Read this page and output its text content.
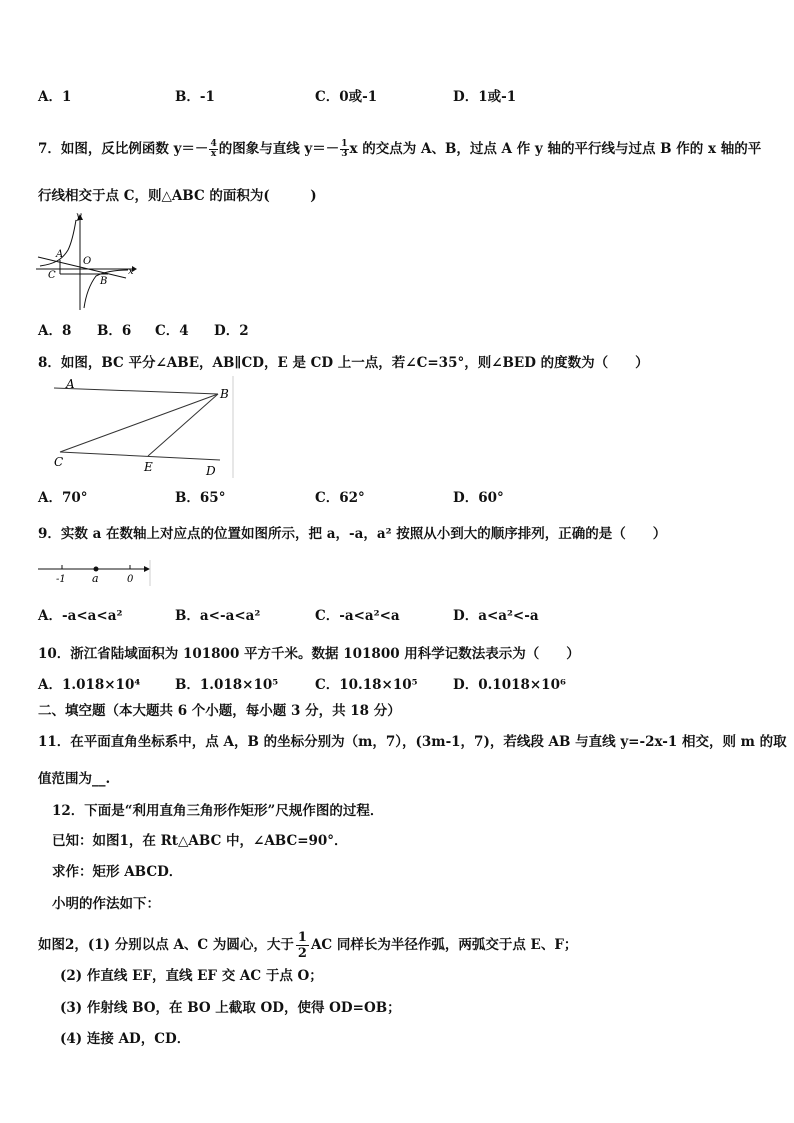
A．1	B．-1	C．0或-1	D．1或-1
7．如图，反比例函数 $y=- \frac{4}{x}$ 的图象与直线 $y=- \frac{1}{3}$ x 的交点为 A、B，过点 A 作 y 轴的平行线与过点 B 作的 x 轴的平
行线相交于点 C，则△ABC 的面积为(　　　)
y
x
A
O
C
B
A．8 B．6 C．4 D．2
8．如图，BC 平分∠ABE，AB∥CD，E 是 CD 上一点，若∠C=35°，则∠BED 的度数为（　　）
A
B
C	E	D
A．70°	B．65°	C．62°	D．60°
9．实数 a 在数轴上对应点的位置如图所示，把 a，-a，a² 按照从小到大的顺序排列，正确的是（　　）
-1 a	0
A．-a<a<a²	B．a<-a<a²	C．-a<a²<a	D．a<a²<-a
10．浙江省陆域面积为 101800 平方千米。数据 101800 用科学记数法表示为（　　）
A．1.018×10⁴	B．1.018×10⁵	C．10.18×10⁵	D．0.1018×10⁶
二、填空题（本大题共 6 个小题，每小题 3 分，共 18 分）
11．在平面直角坐标系中，点 A，B 的坐标分别为（m，7），(3m-1，7)，若线段 AB 与直线 y=-2x-1 相交，则 m 的取
值范围为__.
12．下面是“利用直角三角形作矩形”尺规作图的过程．
已知：如图1，在 Rt△ABC 中，∠ABC=90°．
求作：矩形 ABCD．
小明的作法如下：
如图2，(1) 分别以点 A、C 为圆心，大于 $\frac{1}{2}$ AC 同样长为半径作弧，两弧交于点 E、F；
(2) 作直线 EF，直线 EF 交 AC 于点 O；
(3) 作射线 BO，在 BO 上截取 OD，使得 OD=OB；
(4) 连接 AD，CD．
